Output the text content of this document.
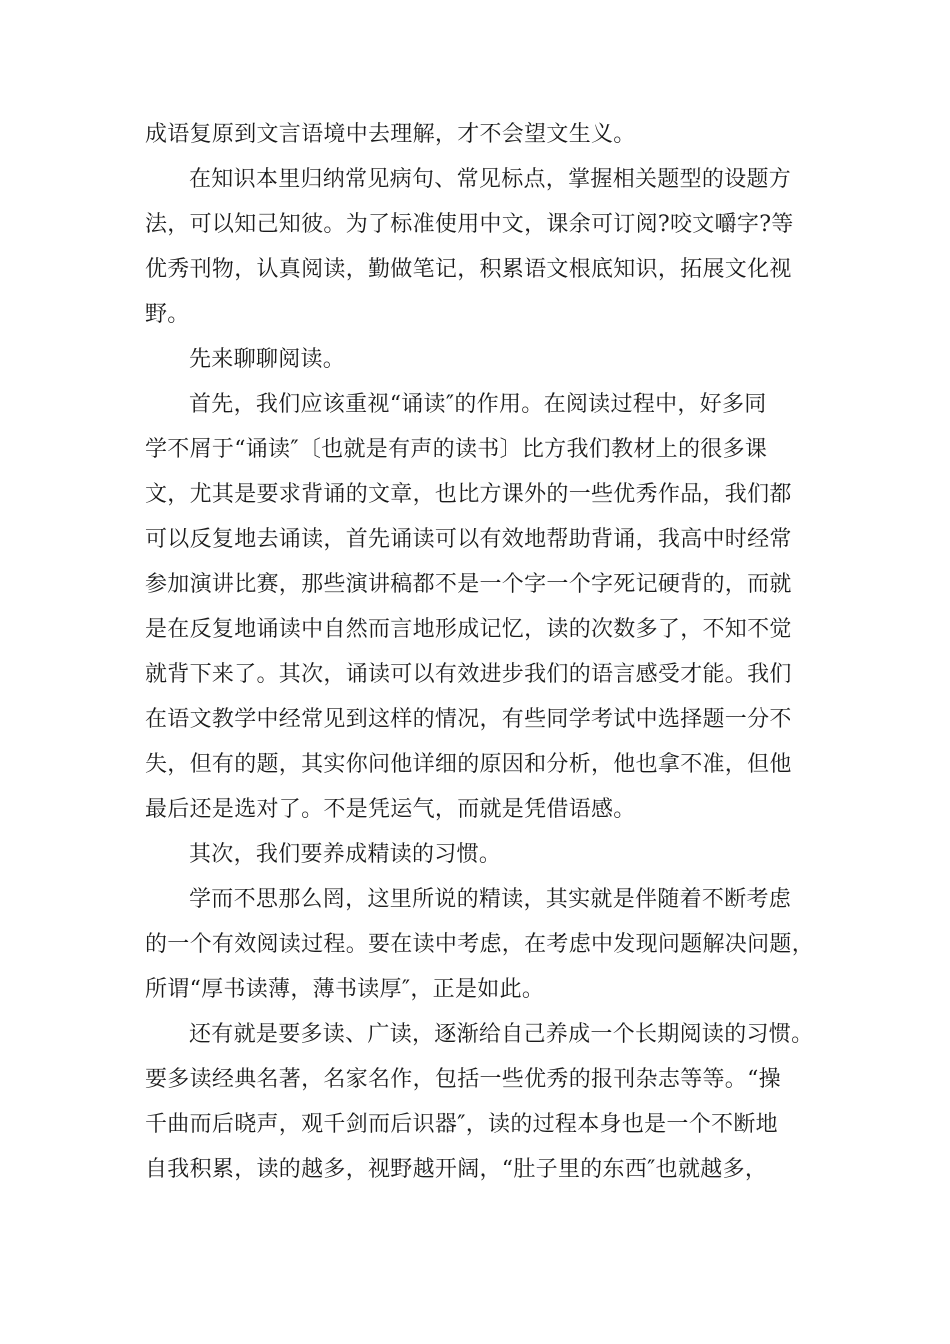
成语复原到文言语境中去理解，才不会望文生义。
在知识本里归纳常见病句、常见标点，掌握相关题型的设题方
法，可以知己知彼。为了标准使用中文，课余可订阅?咬文嚼字?等
优秀刊物，认真阅读，勤做笔记，积累语文根底知识，拓展文化视
野。
先来聊聊阅读。
首先，我们应该重视“诵读″的作用。在阅读过程中，好多同
学不屑于“诵读″〔也就是有声的读书〕比方我们教材上的很多课
文，尤其是要求背诵的文章，也比方课外的一些优秀作品，我们都
可以反复地去诵读，首先诵读可以有效地帮助背诵，我高中时经常
参加演讲比赛，那些演讲稿都不是一个字一个字死记硬背的，而就
是在反复地诵读中自然而言地形成记忆，读的次数多了，不知不觉
就背下来了。其次，诵读可以有效进步我们的语言感受才能。我们
在语文教学中经常见到这样的情况，有些同学考试中选择题一分不
失，但有的题，其实你问他详细的原因和分析，他也拿不准，但他
最后还是选对了。不是凭运气，而就是凭借语感。
其次，我们要养成精读的习惯。
学而不思那么罔，这里所说的精读，其实就是伴随着不断考虑
的一个有效阅读过程。要在读中考虑，在考虑中发现问题解决问题，
所谓“厚书读薄，薄书读厚″，正是如此。
还有就是要多读、广读，逐渐给自己养成一个长期阅读的习惯。
要多读经典名著，名家名作，包括一些优秀的报刊杂志等等。“操
千曲而后晓声，观千剑而后识器″，读的过程本身也是一个不断地
自我积累，读的越多，视野越开阔，“肚子里的东西″也就越多，
